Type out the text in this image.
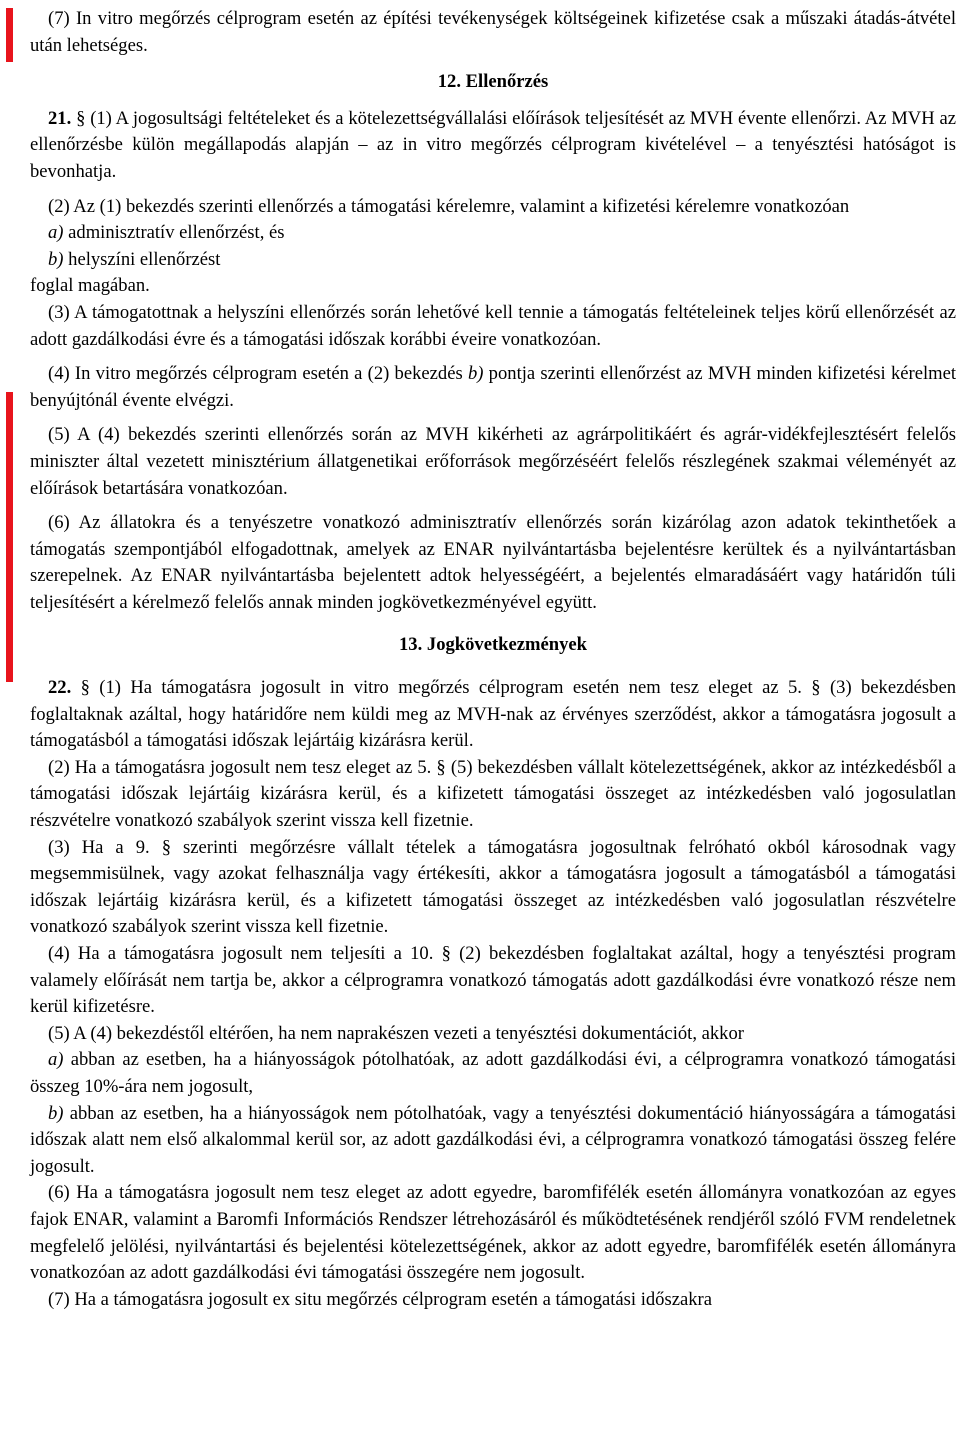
(7) In vitro megőrzés célprogram esetén az építési tevékenységek költségeinek kifizetése csak a műszaki átadás-átvétel után lehetséges.

12. Ellenőrzés

21. § (1) A jogosultsági feltételeket és a kötelezettségvállalási előírások teljesítését az MVH évente ellenőrzi. Az MVH az ellenőrzésbe külön megállapodás alapján – az in vitro megőrzés célprogram kivételével – a tenyésztési hatóságot is bevonhatja.

(2) Az (1) bekezdés szerinti ellenőrzés a támogatási kérelemre, valamint a kifizetési kérelemre vonatkozóan

a) adminisztratív ellenőrzést, és

b) helyszíni ellenőrzést

foglal magában.

(3) A támogatottnak a helyszíni ellenőrzés során lehetővé kell tennie a támogatás feltételeinek teljes körű ellenőrzését az adott gazdálkodási évre és a támogatási időszak korábbi éveire vonatkozóan.

(4) In vitro megőrzés célprogram esetén a (2) bekezdés b) pontja szerinti ellenőrzést az MVH minden kifizetési kérelmet benyújtónál évente elvégzi.

(5) A (4) bekezdés szerinti ellenőrzés során az MVH kikérheti az agrárpolitikáért és agrár-vidékfejlesztésért felelős miniszter által vezetett minisztérium állatgenetikai erőforrások megőrzéséért felelős részlegének szakmai véleményét az előírások betartására vonatkozóan.

(6) Az állatokra és a tenyészetre vonatkozó adminisztratív ellenőrzés során kizárólag azon adatok tekinthetőek a támogatás szempontjából elfogadottnak, amelyek az ENAR nyilvántartásba bejelentésre kerültek és a nyilvántartásban szerepelnek. Az ENAR nyilvántartásba bejelentett adtok helyességéért, a bejelentés elmaradásáért vagy határidőn túli teljesítésért a kérelmező felelős annak minden jogkövetkezményével együtt.

13. Jogkövetkezmények

22. § (1) Ha támogatásra jogosult in vitro megőrzés célprogram esetén nem tesz eleget az 5. § (3) bekezdésben foglaltaknak azáltal, hogy határidőre nem küldi meg az MVH-nak az érvényes szerződést, akkor a támogatásra jogosult a támogatásból a támogatási időszak lejártáig kizárásra kerül.

(2) Ha a támogatásra jogosult nem tesz eleget az 5. § (5) bekezdésben vállalt kötelezettségének, akkor az intézkedésből a támogatási időszak lejártáig kizárásra kerül, és a kifizetett támogatási összeget az intézkedésben való jogosulatlan részvételre vonatkozó szabályok szerint vissza kell fizetnie.

(3) Ha a 9. § szerinti megőrzésre vállalt tételek a támogatásra jogosultnak felróható okból károsodnak vagy megsemmisülnek, vagy azokat felhasználja vagy értékesíti, akkor a támogatásra jogosult a támogatásból a támogatási időszak lejártáig kizárásra kerül, és a kifizetett támogatási összeget az intézkedésben való jogosulatlan részvételre vonatkozó szabályok szerint vissza kell fizetnie.

(4) Ha a támogatásra jogosult nem teljesíti a 10. § (2) bekezdésben foglaltakat azáltal, hogy a tenyésztési program valamely előírását nem tartja be, akkor a célprogramra vonatkozó támogatás adott gazdálkodási évre vonatkozó része nem kerül kifizetésre.

(5) A (4) bekezdéstől eltérően, ha nem naprakészen vezeti a tenyésztési dokumentációt, akkor

a) abban az esetben, ha a hiányosságok pótolhatóak, az adott gazdálkodási évi, a célprogramra vonatkozó támogatási összeg 10%-ára nem jogosult,

b) abban az esetben, ha a hiányosságok nem pótolhatóak, vagy a tenyésztési dokumentáció hiányosságára a támogatási időszak alatt nem első alkalommal kerül sor, az adott gazdálkodási évi, a célprogramra vonatkozó támogatási összeg felére jogosult.

(6) Ha a támogatásra jogosult nem tesz eleget az adott egyedre, baromfifélék esetén állományra vonatkozóan az egyes fajok ENAR, valamint a Baromfi Információs Rendszer létrehozásáról és működtetésének rendjéről szóló FVM rendeletnek megfelelő jelölési, nyilvántartási és bejelentési kötelezettségének, akkor az adott egyedre, baromfifélék esetén állományra vonatkozóan az adott gazdálkodási évi támogatási összegére nem jogosult.

(7) Ha a támogatásra jogosult ex situ megőrzés célprogram esetén a támogatási időszakra
